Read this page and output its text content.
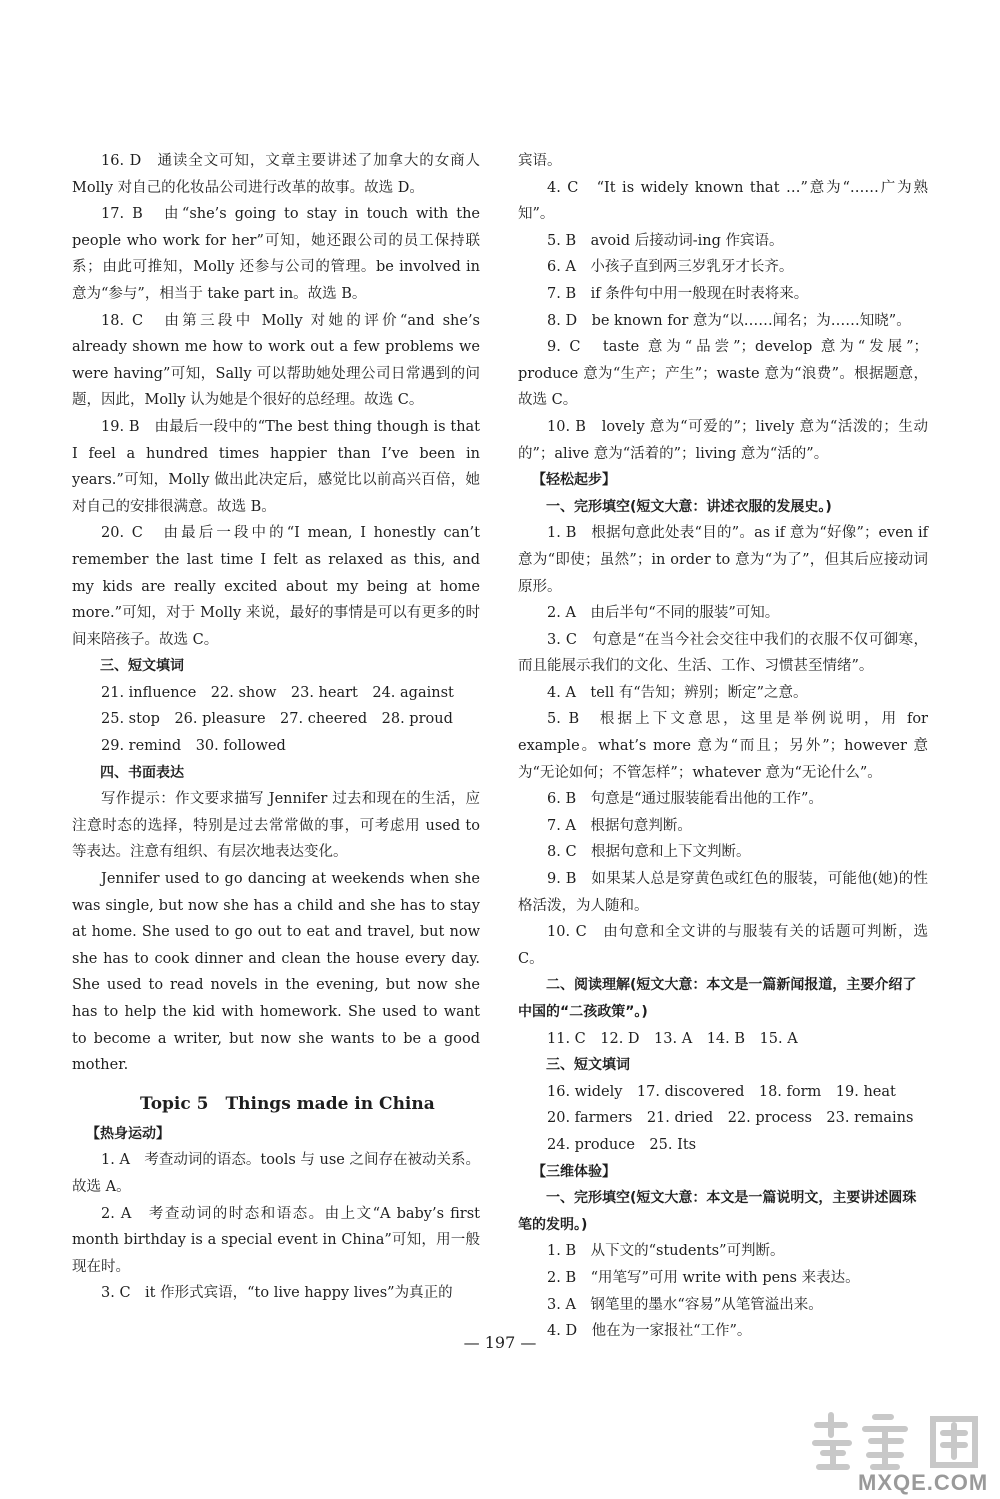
16. D　通读全文可知，文章主要讲述了加拿大的女商人 Molly 对自己的化妆品公司进行改革的故事。故选 D。

17. B　由“she’s going to stay in touch with the people who work for her”可知，她还跟公司的员工保持联系；由此可推知，Molly 还参与公司的管理。be involved in 意为“参与”，相当于 take part in。故选 B。

18. C　由第三段中 Molly 对她的评价“and she’s already shown me how to work out a few problems we were having”可知，Sally 可以帮助她处理公司日常遇到的问题，因此，Molly 认为她是个很好的总经理。故选 C。

19. B　由最后一段中的“The best thing though is that I feel a hundred times happier than I’ve been in years.”可知，Molly 做出此决定后，感觉比以前高兴百倍，她对自己的安排很满意。故选 B。

20. C　由最后一段中的“I mean, I honestly can’t remember the last time I felt as relaxed as this, and my kids are really excited about my being at home more.”可知，对于 Molly 来说，最好的事情是可以有更多的时间来陪孩子。故选 C。

三、短文填词

21. influence　22. show　23. heart　24. against

25. stop　26. pleasure　27. cheered　28. proud

29. remind　30. followed

四、书面表达

写作提示：作文要求描写 Jennifer 过去和现在的生活，应注意时态的选择，特别是过去常常做的事，可考虑用 used to 等表达。注意有组织、有层次地表达变化。

Jennifer used to go dancing at weekends when she was single, but now she has a child and she has to stay at home. She used to go out to eat and travel, but now she has to cook dinner and clean the house every day. She used to read novels in the evening, but now she has to help the kid with homework. She used to want to become a writer, but now she wants to be a good mother.

Topic 5　Things made in China

【热身运动】

1. A　考查动词的语态。tools 与 use 之间存在被动关系。故选 A。

2. A　考查动词的时态和语态。由上文“A baby’s first month birthday is a special event in China”可知，用一般现在时。

3. C　it 作形式宾语，“to live happy lives”为真正的

宾语。

4. C　“It is widely known that …”意为“……广为熟知”。

5. B　avoid 后接动词-ing 作宾语。

6. A　小孩子直到两三岁乳牙才长齐。

7. B　if 条件句中用一般现在时表将来。

8. D　be known for 意为“以……闻名；为……知晓”。

9. C　taste 意为“品尝”；develop 意为“发展”；produce 意为“生产；产生”；waste 意为“浪费”。根据题意，故选 C。

10. B　lovely 意为“可爱的”；lively 意为“活泼的；生动的”；alive 意为“活着的”；living 意为“活的”。

【轻松起步】

一、完形填空(短文大意：讲述衣服的发展史。)

1. B　根据句意此处表“目的”。as if 意为“好像”；even if 意为“即使；虽然”；in order to 意为“为了”，但其后应接动词原形。

2. A　由后半句“不同的服装”可知。

3. C　句意是“在当今社会交往中我们的衣服不仅可御寒，而且能展示我们的文化、生活、工作、习惯甚至情绪”。

4. A　tell 有“告知；辨别；断定”之意。

5. B　根据上下文意思，这里是举例说明，用 for example。what’s more 意为“而且；另外”；however 意为“无论如何；不管怎样”；whatever 意为“无论什么”。

6. B　句意是“通过服装能看出他的工作”。

7. A　根据句意判断。

8. C　根据句意和上下文判断。

9. B　如果某人总是穿黄色或红色的服装，可能他(她)的性格活泼，为人随和。

10. C　由句意和全文讲的与服装有关的话题可判断，选 C。

二、阅读理解(短文大意：本文是一篇新闻报道，主要介绍了中国的“二孩政策”。)

11. C　12. D　13. A　14. B　15. A

三、短文填词

16. widely　17. discovered　18. form　19. heat

20. farmers　21. dried　22. process　23. remains

24. produce　25. Its

【三维体验】

一、完形填空(短文大意：本文是一篇说明文，主要讲述圆珠笔的发明。)

1. B　从下文的“students”可判断。

2. B　“用笔写”可用 write with pens 来表达。

3. A　钢笔里的墨水“容易”从笔管溢出来。

4. D　他在为一家报社“工作”。

— 197 —
MXQE.COM
